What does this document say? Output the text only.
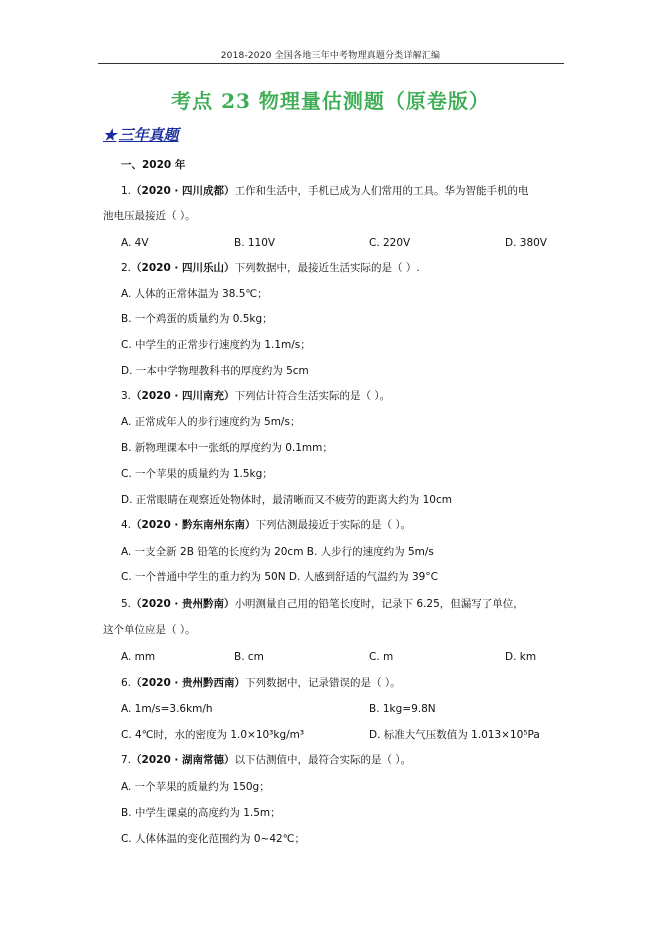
2018-2020 全国各地三年中考物理真题分类详解汇编
考点 23 物理量估测题（原卷版）
★ 三年真题
一、2020 年
1.（2020 · 四川成都）工作和生活中，手机已成为人们常用的工具。华为智能手机的电
池电压最接近（ ）。
A. 4V	B. 110V	C. 220V	D. 380V
2.（2020 · 四川乐山）下列数据中，最接近生活实际的是（ ）.
A. 人体的正常体温为 38.5℃；
B. 一个鸡蛋的质量约为 0.5kg；
C. 中学生的正常步行速度约为 1.1m/s；
D. 一本中学物理教科书的厚度约为 5cm
3.（2020 · 四川南充）下列估计符合生活实际的是（ ）。
A. 正常成年人的步行速度约为 5m/s；
B. 新物理课本中一张纸的厚度约为 0.1mm；
C. 一个苹果的质量约为 1.5kg；
D. 正常眼睛在观察近处物体时，最清晰而又不疲劳的距离大约为 10cm
4.（2020 · 黔东南州东南）下列估测最接近于实际的是（ ）。
A. 一支全新 2B 铅笔的长度约为 20cm B. 人步行的速度约为 5m/s
C. 一个普通中学生的重力约为 50N D. 人感到舒适的气温约为 39°C
5.（2020 · 贵州黔南）小明测量自己用的铅笔长度时，记录下 6.25，但漏写了单位，
这个单位应是（ ）。
A. mm	B. cm	C. m	D. km
6.（2020 · 贵州黔西南）下列数据中，记录错误的是（ ）。
A. 1m/s=3.6km/h	B. 1kg=9.8N
C. 4℃时，水的密度为 1.0×10³kg/m³	D. 标准大气压数值为 1.013×10⁵Pa
7.（2020 · 湖南常德）以下估测值中，最符合实际的是（ ）。
A. 一个苹果的质量约为 150g；
B. 中学生课桌的高度约为 1.5m；
C. 人体体温的变化范围约为 0~42℃；
